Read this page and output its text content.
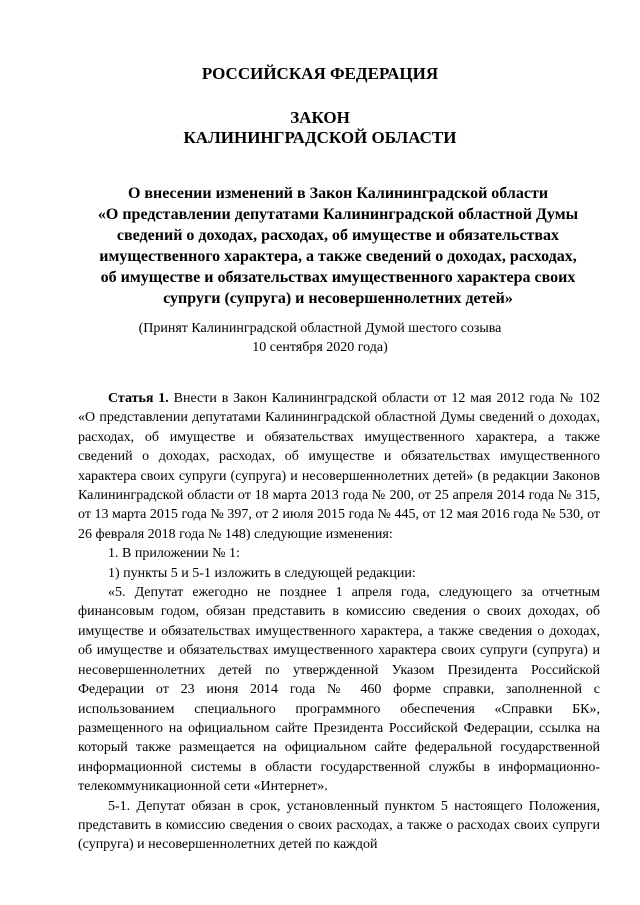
РОССИЙСКАЯ ФЕДЕРАЦИЯ
ЗАКОН
КАЛИНИНГРАДСКОЙ ОБЛАСТИ
О внесении изменений в Закон Калининградской области
«О представлении депутатами Калининградской областной Думы
сведений о доходах, расходах, об имуществе и обязательствах
имущественного характера, а также сведений о доходах, расходах,
об имуществе и обязательствах имущественного характера своих
супруги (супруга) и несовершеннолетних детей»
(Принят Калининградской областной Думой шестого созыва
10 сентября 2020 года)

Статья 1. Внести в Закон Калининградской области от 12 мая 2012 года № 102 «О представлении депутатами Калининградской областной Думы сведений о доходах, расходах, об имуществе и обязательствах имущественного характера, а также сведений о доходах, расходах, об имуществе и обязательствах имущественного характера своих супруги (супруга) и несовершеннолетних детей» (в редакции Законов Калининградской области от 18 марта 2013 года № 200, от 25 апреля 2014 года № 315, от 13 марта 2015 года № 397, от 2 июля 2015 года № 445, от 12 мая 2016 года № 530, от 26 февраля 2018 года № 148) следующие изменения:

1. В приложении № 1:

1) пункты 5 и 5-1 изложить в следующей редакции:

«5. Депутат ежегодно не позднее 1 апреля года, следующего за отчетным финансовым годом, обязан представить в комиссию сведения о своих доходах, об имуществе и обязательствах имущественного характера, а также сведения о доходах, об имуществе и обязательствах имущественного характера своих супруги (супруга) и несовершеннолетних детей по утвержденной Указом Президента Российской Федерации от 23 июня 2014 года № 460 форме справки, заполненной с использованием специального программного обеспечения «Справки БК», размещенного на официальном сайте Президента Российской Федерации, ссылка на который также размещается на официальном сайте федеральной государственной информационной системы в области государственной службы в информационно-телекоммуникационной сети «Интернет».

5-1. Депутат обязан в срок, установленный пунктом 5 настоящего Положения, представить в комиссию сведения о своих расходах, а также о расходах своих супруги (супруга) и несовершеннолетних детей по каждой
